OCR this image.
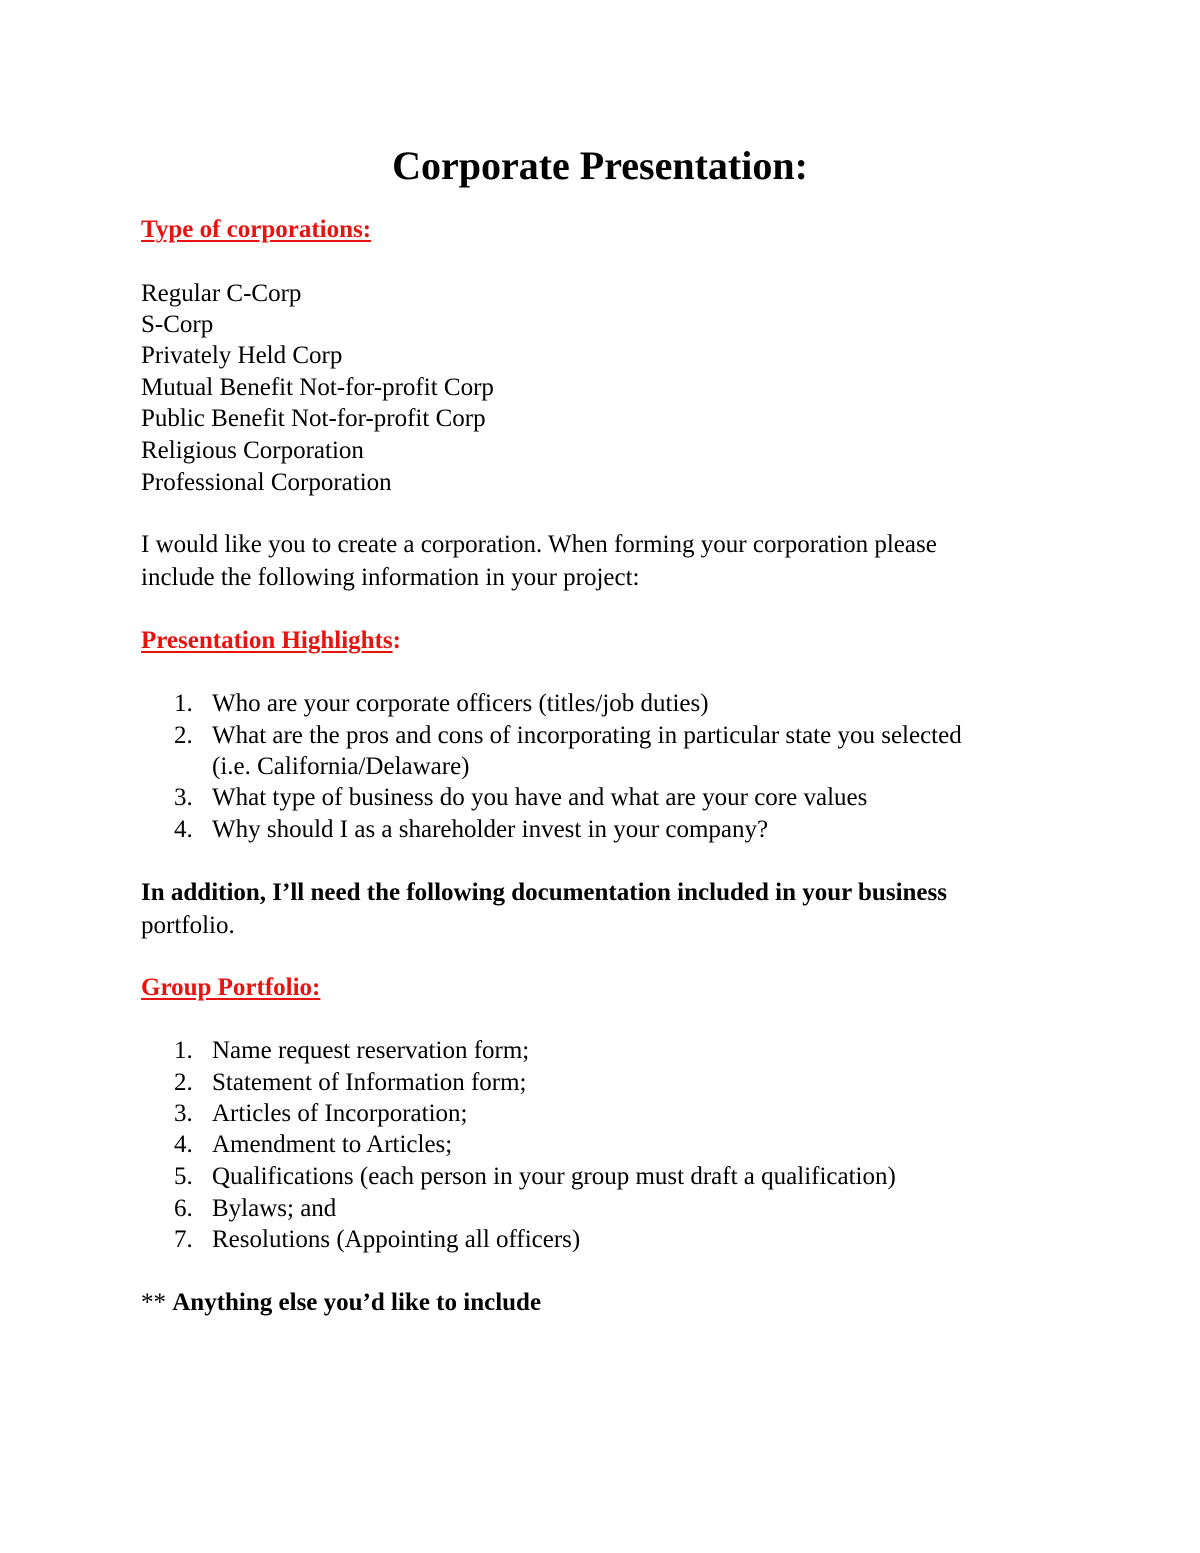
Corporate Presentation:
Type of corporations:
Regular C-Corp
S-Corp
Privately Held Corp
Mutual Benefit Not-for-profit Corp
Public Benefit Not-for-profit Corp
Religious Corporation
Professional Corporation
I would like you to create a corporation. When forming your corporation please
include the following information in your project:
Presentation Highlights:
1. Who are your corporate officers (titles/job duties)
2. What are the pros and cons of incorporating in particular state you selected
(i.e. California/Delaware)
3. What type of business do you have and what are your core values
4. Why should I as a shareholder invest in your company?
In addition, I’ll need the following documentation included in your business
portfolio.
Group Portfolio:
1. Name request reservation form;
2. Statement of Information form;
3. Articles of Incorporation;
4. Amendment to Articles;
5. Qualifications (each person in your group must draft a qualification)
6. Bylaws; and
7. Resolutions (Appointing all officers)
** Anything else you’d like to include
